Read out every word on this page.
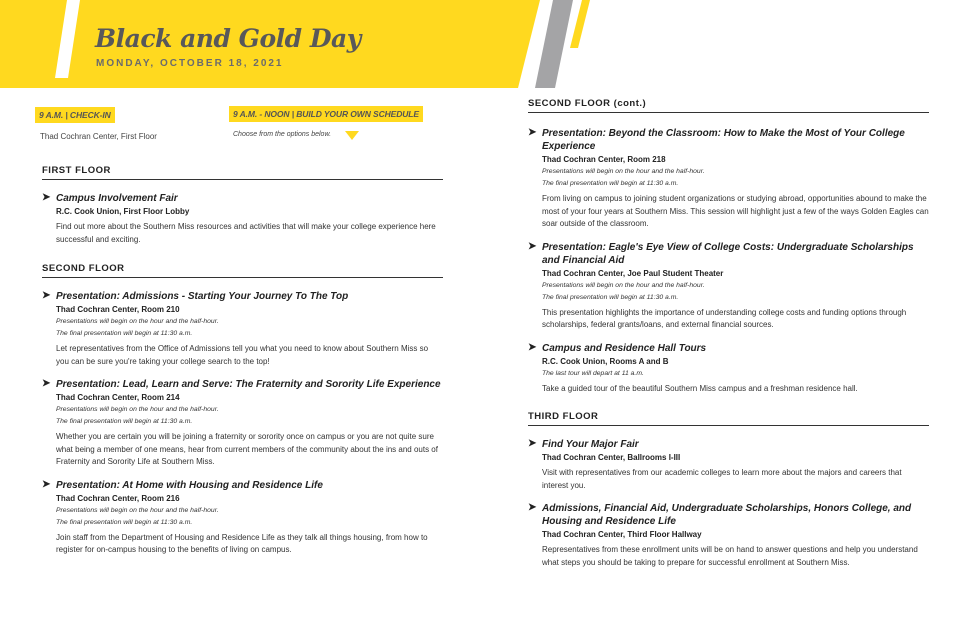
Black and Gold Day
MONDAY, OCTOBER 18, 2021
9 A.M. | CHECK-IN
Thad Cochran Center, First Floor
9 A.M. - NOON | BUILD YOUR OWN SCHEDULE
Choose from the options below.
FIRST FLOOR
➤ Campus Involvement Fair
R.C. Cook Union, First Floor Lobby
Find out more about the Southern Miss resources and activities that will make your college experience here successful and exciting.
SECOND FLOOR
➤ Presentation: Admissions - Starting Your Journey To The Top
Thad Cochran Center, Room 210
Presentations will begin on the hour and the half-hour.
The final presentation will begin at 11:30 a.m.
Let representatives from the Office of Admissions tell you what you need to know about Southern Miss so you can be sure you're taking your college search to the top!
➤ Presentation: Lead, Learn and Serve: The Fraternity and Sorority Life Experience
Thad Cochran Center, Room 214
Presentations will begin on the hour and the half-hour.
The final presentation will begin at 11:30 a.m.
Whether you are certain you will be joining a fraternity or sorority once on campus or you are not quite sure what being a member of one means, hear from current members of the community about the ins and outs of Fraternity and Sorority Life at Southern Miss.
➤ Presentation: At Home with Housing and Residence Life
Thad Cochran Center, Room 216
Presentations will begin on the hour and the half-hour.
The final presentation will begin at 11:30 a.m.
Join staff from the Department of Housing and Residence Life as they talk all things housing, from how to register for on-campus housing to the benefits of living on campus.
SECOND FLOOR (cont.)
➤ Presentation: Beyond the Classroom: How to Make the Most of Your College Experience
Thad Cochran Center, Room 218
Presentations will begin on the hour and the half-hour.
The final presentation will begin at 11:30 a.m.
From living on campus to joining student organizations or studying abroad, opportunities abound to make the most of your four years at Southern Miss. This session will highlight just a few of the ways Golden Eagles can soar outside of the classroom.
➤ Presentation: Eagle's Eye View of College Costs: Undergraduate Scholarships and Financial Aid
Thad Cochran Center, Joe Paul Student Theater
Presentations will begin on the hour and the half-hour.
The final presentation will begin at 11:30 a.m.
This presentation highlights the importance of understanding college costs and funding options through scholarships, federal grants/loans, and external financial sources.
➤ Campus and Residence Hall Tours
R.C. Cook Union, Rooms A and B
The last tour will depart at 11 a.m.
Take a guided tour of the beautiful Southern Miss campus and a freshman residence hall.
THIRD FLOOR
➤ Find Your Major Fair
Thad Cochran Center, Ballrooms I-III
Visit with representatives from our academic colleges to learn more about the majors and careers that interest you.
➤ Admissions, Financial Aid, Undergraduate Scholarships, Honors College, and Housing and Residence Life
Thad Cochran Center, Third Floor Hallway
Representatives from these enrollment units will be on hand to answer questions and help you understand what steps you should be taking to prepare for successful enrollment at Southern Miss.
